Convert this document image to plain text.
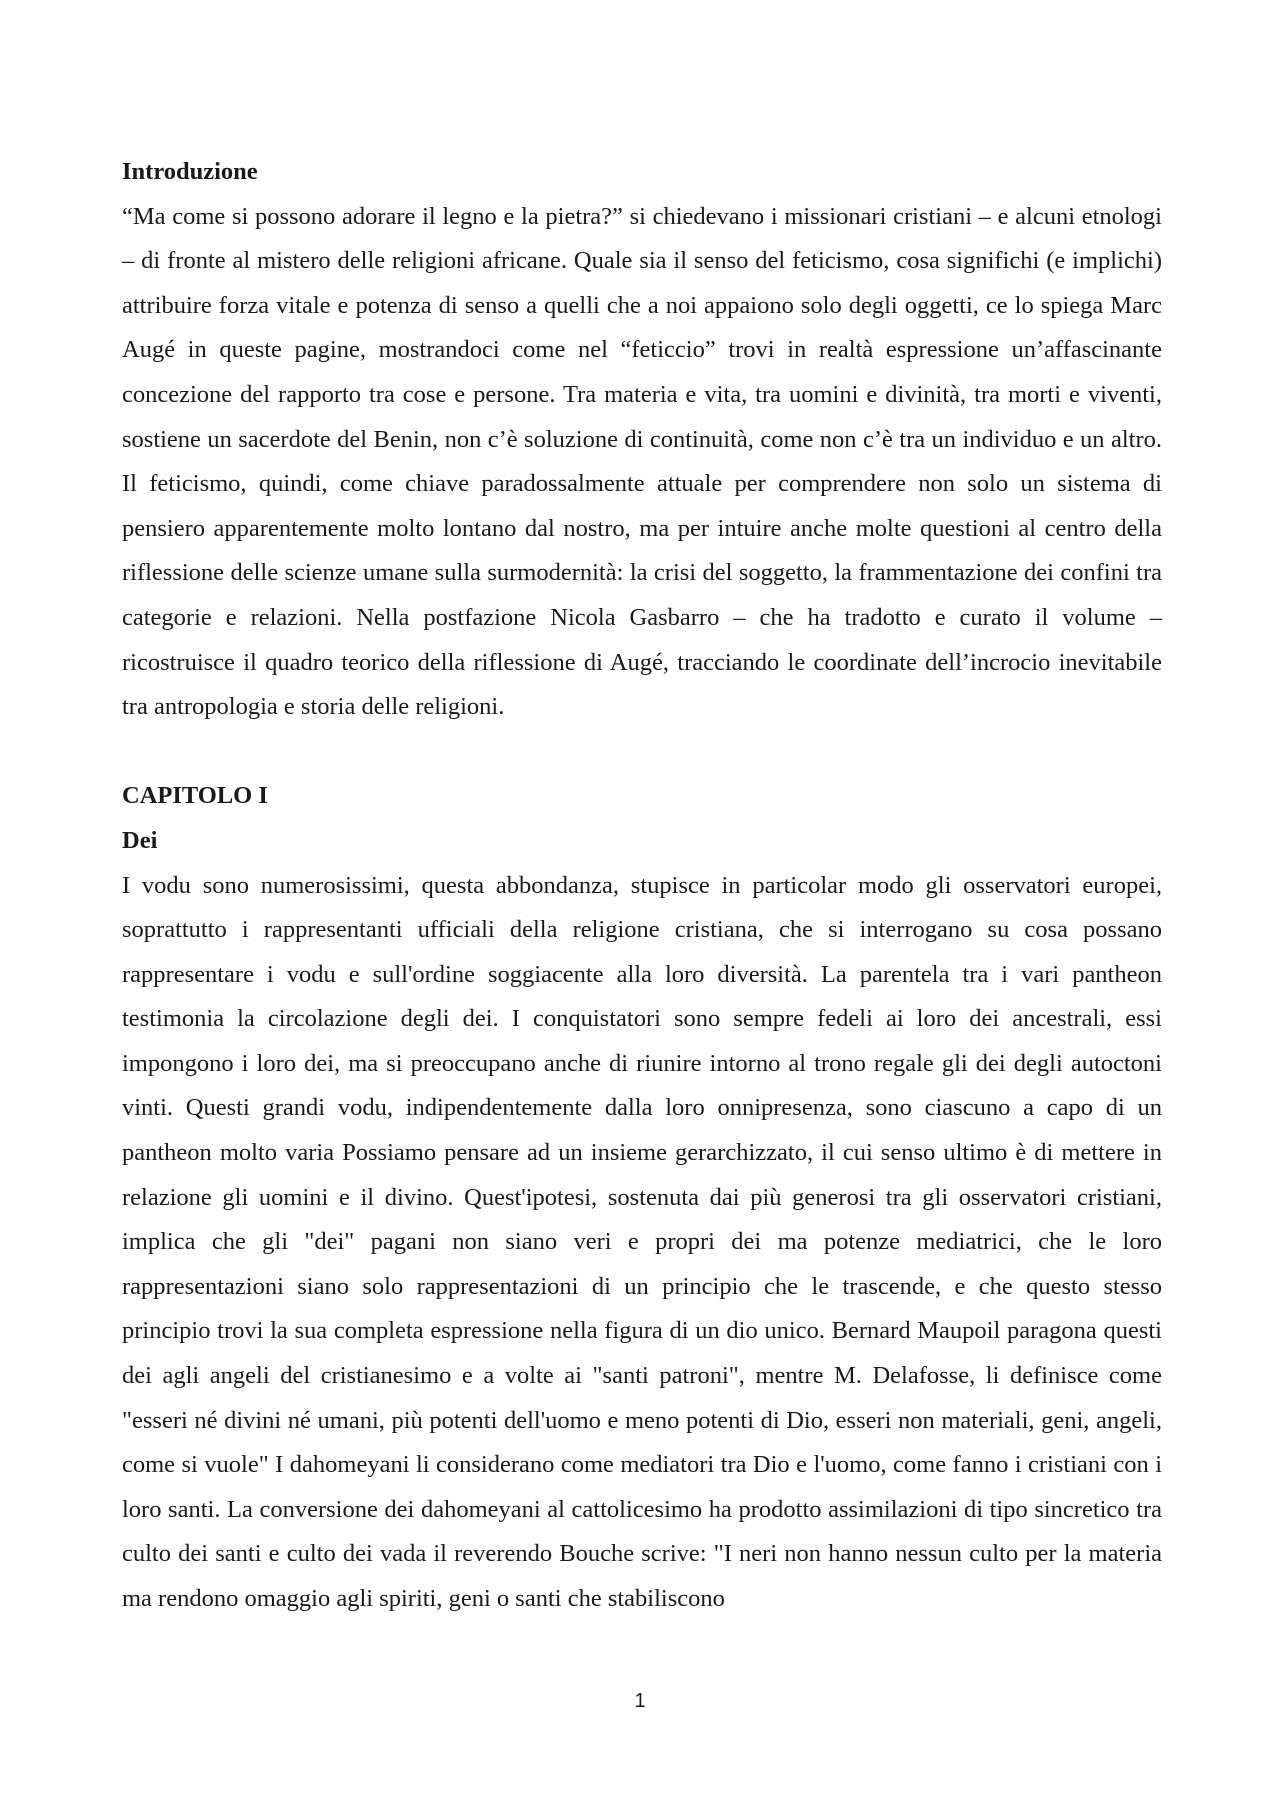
Introduzione

“Ma come si possono adorare il legno e la pietra?” si chiedevano i missionari cristiani – e alcuni etnologi – di fronte al mistero delle religioni africane. Quale sia il senso del feticismo, cosa significhi (e implichi) attribuire forza vitale e potenza di senso a quelli che a noi appaiono solo degli oggetti, ce lo spiega Marc Augé in queste pagine, mostrandoci come nel “feticcio” trovi in realtà espressione un’affascinante concezione del rapporto tra cose e persone. Tra materia e vita, tra uomini e divinità, tra morti e viventi, sostiene un sacerdote del Benin, non c’è soluzione di continuità, come non c’è tra un individuo e un altro. Il feticismo, quindi, come chiave paradossalmente attuale per comprendere non solo un sistema di pensiero apparentemente molto lontano dal nostro, ma per intuire anche molte questioni al centro della riflessione delle scienze umane sulla surmodernità: la crisi del soggetto, la frammentazione dei confini tra categorie e relazioni. Nella postfazione Nicola Gasbarro – che ha tradotto e curato il volume – ricostruisce il quadro teorico della riflessione di Augé, tracciando le coordinate dell’incrocio inevitabile tra antropologia e storia delle religioni.

CAPITOLO I

Dei

I vodu sono numerosissimi, questa abbondanza, stupisce in particolar modo gli osservatori europei, soprattutto i rappresentanti ufficiali della religione cristiana, che si interrogano su cosa possano rappresentare i vodu e sull'ordine soggiacente alla loro diversità. La parentela tra i vari pantheon testimonia la circolazione degli dei. I conquistatori sono sempre fedeli ai loro dei ancestrali, essi impongono i loro dei, ma si preoccupano anche di riunire intorno al trono regale gli dei degli autoctoni vinti. Questi grandi vodu, indipendentemente dalla loro onnipresenza, sono ciascuno a capo di un pantheon molto varia Possiamo pensare ad un insieme gerarchizzato, il cui senso ultimo è di mettere in relazione gli uomini e il divino. Quest'ipotesi, sostenuta dai più generosi tra gli osservatori cristiani, implica che gli "dei" pagani non siano veri e propri dei ma potenze mediatrici, che le loro rappresentazioni siano solo rappresentazioni di un principio che le trascende, e che questo stesso principio trovi la sua completa espressione nella figura di un dio unico. Bernard Maupoil paragona questi dei agli angeli del cristianesimo e a volte ai "santi patroni", mentre M. Delafosse, li definisce come "esseri né divini né umani, più potenti dell'uomo e meno potenti di Dio, esseri non materiali, geni, angeli, come si vuole" I dahomeyani li considerano come mediatori tra Dio e l'uomo, come fanno i cristiani con i loro santi. La conversione dei dahomeyani al cattolicesimo ha prodotto assimilazioni di tipo sincretico tra culto dei santi e culto dei vada il reverendo Bouche scrive: "I neri non hanno nessun culto per la materia ma rendono omaggio agli spiriti, geni o santi che stabiliscono

1
